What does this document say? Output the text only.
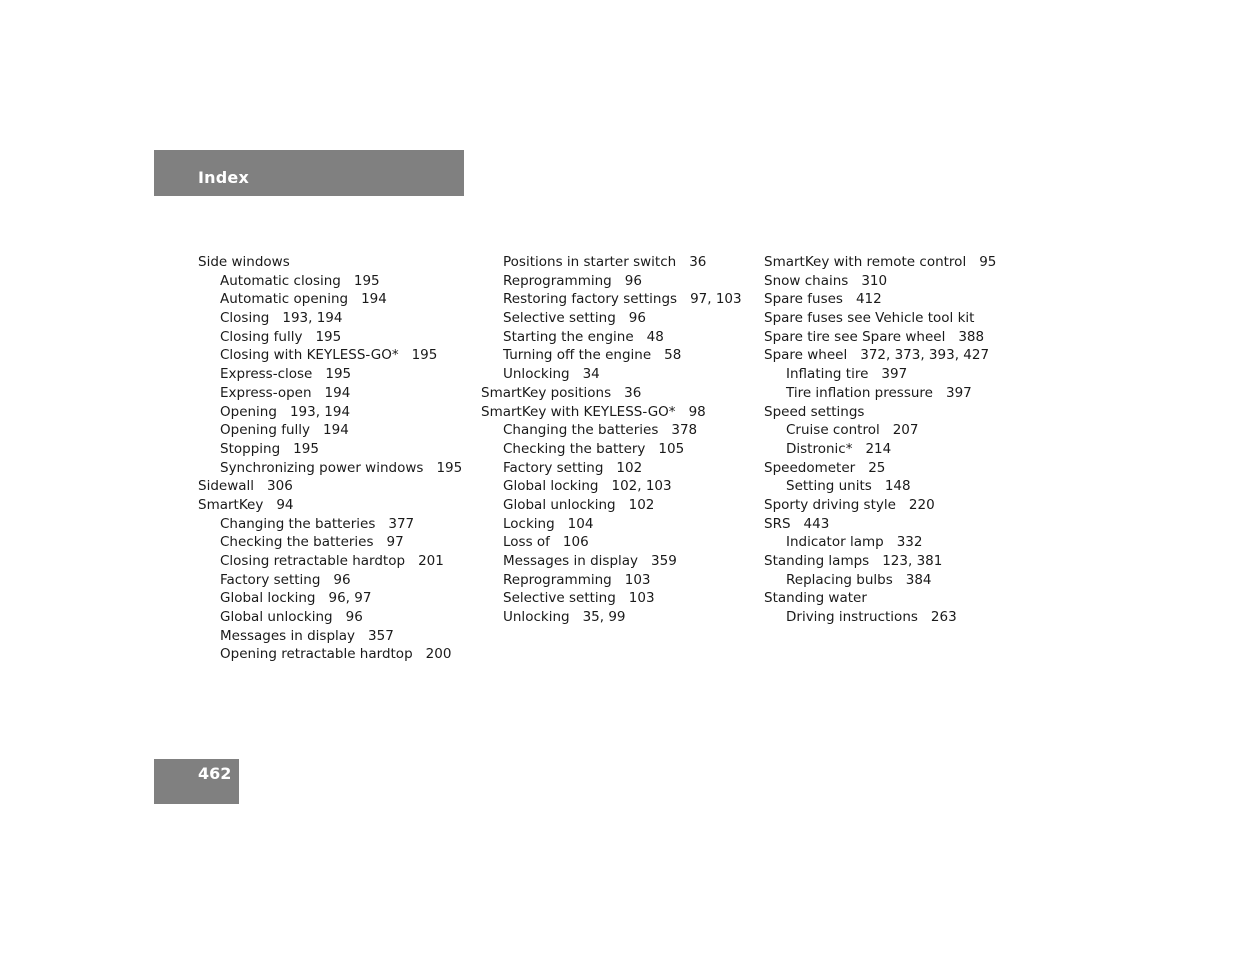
Index
Side windows
Automatic closing 195
Automatic opening 194
Closing 193, 194
Closing fully 195
Closing with KEYLESS-GO* 195
Express-close 195
Express-open 194
Opening 193, 194
Opening fully 194
Stopping 195
Synchronizing power windows 195
Sidewall 306
SmartKey 94
Changing the batteries 377
Checking the batteries 97
Closing retractable hardtop 201
Factory setting 96
Global locking 96, 97
Global unlocking 96
Messages in display 357
Opening retractable hardtop 200
Positions in starter switch 36
Reprogramming 96
Restoring factory settings 97, 103
Selective setting 96
Starting the engine 48
Turning off the engine 58
Unlocking 34
SmartKey positions 36
SmartKey with KEYLESS-GO* 98
Changing the batteries 378
Checking the battery 105
Factory setting 102
Global locking 102, 103
Global unlocking 102
Locking 104
Loss of 106
Messages in display 359
Reprogramming 103
Selective setting 103
Unlocking 35, 99
SmartKey with remote control 95
Snow chains 310
Spare fuses 412
Spare fuses see Vehicle tool kit
Spare tire see Spare wheel 388
Spare wheel 372, 373, 393, 427
Inflating tire 397
Tire inflation pressure 397
Speed settings
Cruise control 207
Distronic* 214
Speedometer 25
Setting units 148
Sporty driving style 220
SRS 443
Indicator lamp 332
Standing lamps 123, 381
Replacing bulbs 384
Standing water
Driving instructions 263
462
